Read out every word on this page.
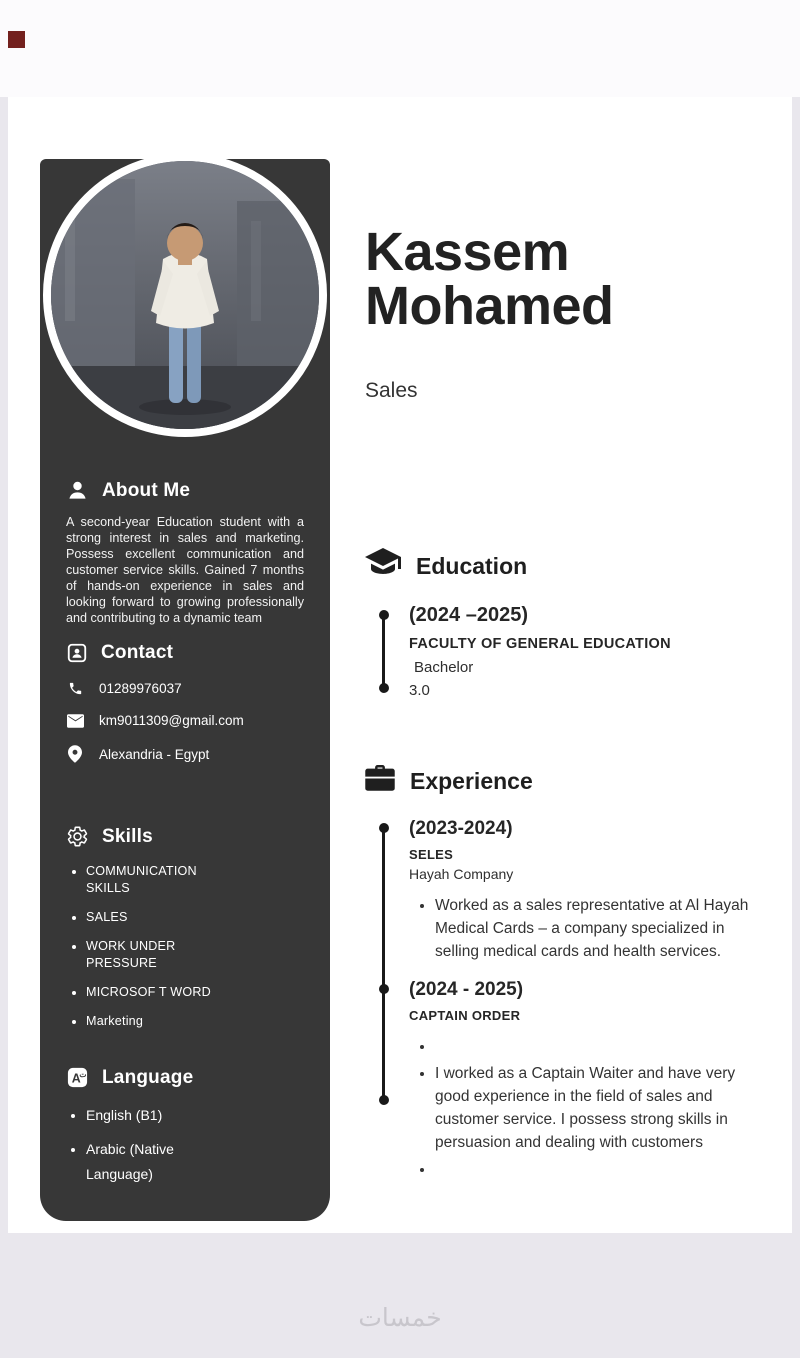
About Me

A second-year Education student with a strong interest in sales and marketing. Possess excellent communication and customer service skills. Gained 7 months of hands-on experience in sales and looking forward to growing professionally and contributing to a dynamic team

Contact
01289976037
km9011309@gmail.com
Alexandria - Egypt
Skills
• COMMUNICATION SKILLS
• SALES
• WORK UNDER PRESSURE
• MICROSOF T WORD
• Marketing
A
ت Language
• English (B1)
• Arabic (Native Language)
Kassem Mohamed
Sales
Education
(2024 –2025)
FACULTY OF GENERAL EDUCATION
Bachelor
3.0
Experience
(2023-2024)
SELES
Hayah Company
• Worked as a sales representative at Al Hayah Medical Cards – a company specialized in selling medical cards and health services.
(2024 - 2025)
CAPTAIN ORDER
•
• I worked as a Captain Waiter and have very good experience in the field of sales and customer service. I possess strong skills in persuasion and dealing with customers
•
خمسات
